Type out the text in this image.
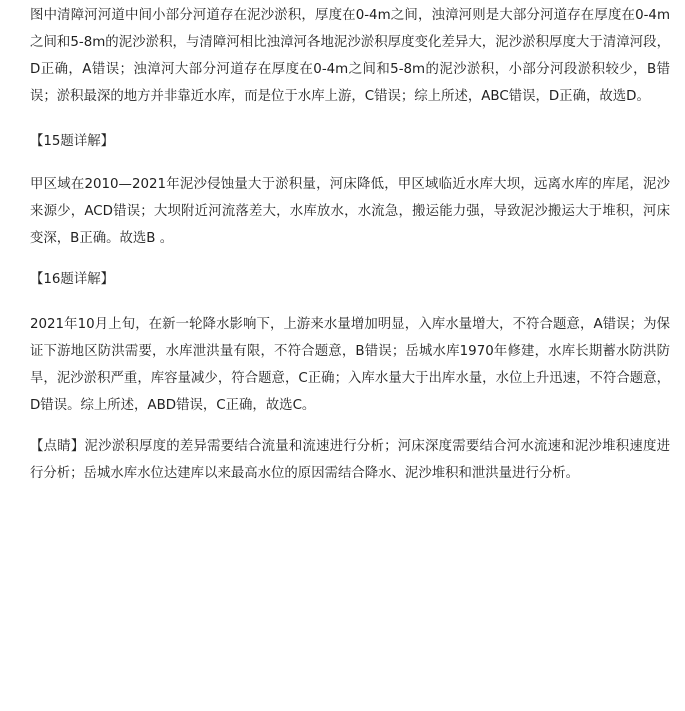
图中清障河河道中间小部分河道存在泥沙淤积，厚度在0-4m之间，浊漳河则是大部分河道存在厚度在0-4m之间和5-8m的泥沙淤积，与清障河相比浊漳河各地泥沙淤积厚度变化差异大，泥沙淤积厚度大于清漳河段，D正确，A错误；浊漳河大部分河道存在厚度在0-4m之间和5-8m的泥沙淤积，小部分河段淤积较少，B错误；淤积最深的地方并非靠近水库，而是位于水库上游，C错误；综上所述，ABC错误，D正确，故选D。

【15题详解】

甲区域在2010—2021年泥沙侵蚀量大于淤积量，河床降低，甲区域临近水库大坝，远离水库的库尾，泥沙来源少，ACD错误；大坝附近河流落差大，水库放水，水流急，搬运能力强，导致泥沙搬运大于堆积，河床变深，B正确。故选B 。

【16题详解】

2021年10月上旬，在新一轮降水影响下，上游来水量增加明显，入库水量增大，不符合题意，A错误；为保证下游地区防洪需要，水库泄洪量有限，不符合题意，B错误；岳城水库1970年修建，水库长期蓄水防洪防旱，泥沙淤积严重，库容量减少，符合题意，C正确；入库水量大于出库水量，水位上升迅速，不符合题意，D错误。综上所述，ABD错误，C正确，故选C。

【点睛】泥沙淤积厚度的差异需要结合流量和流速进行分析；河床深度需要结合河水流速和泥沙堆积速度进行分析；岳城水库水位达建库以来最高水位的原因需结合降水、泥沙堆积和泄洪量进行分析。
